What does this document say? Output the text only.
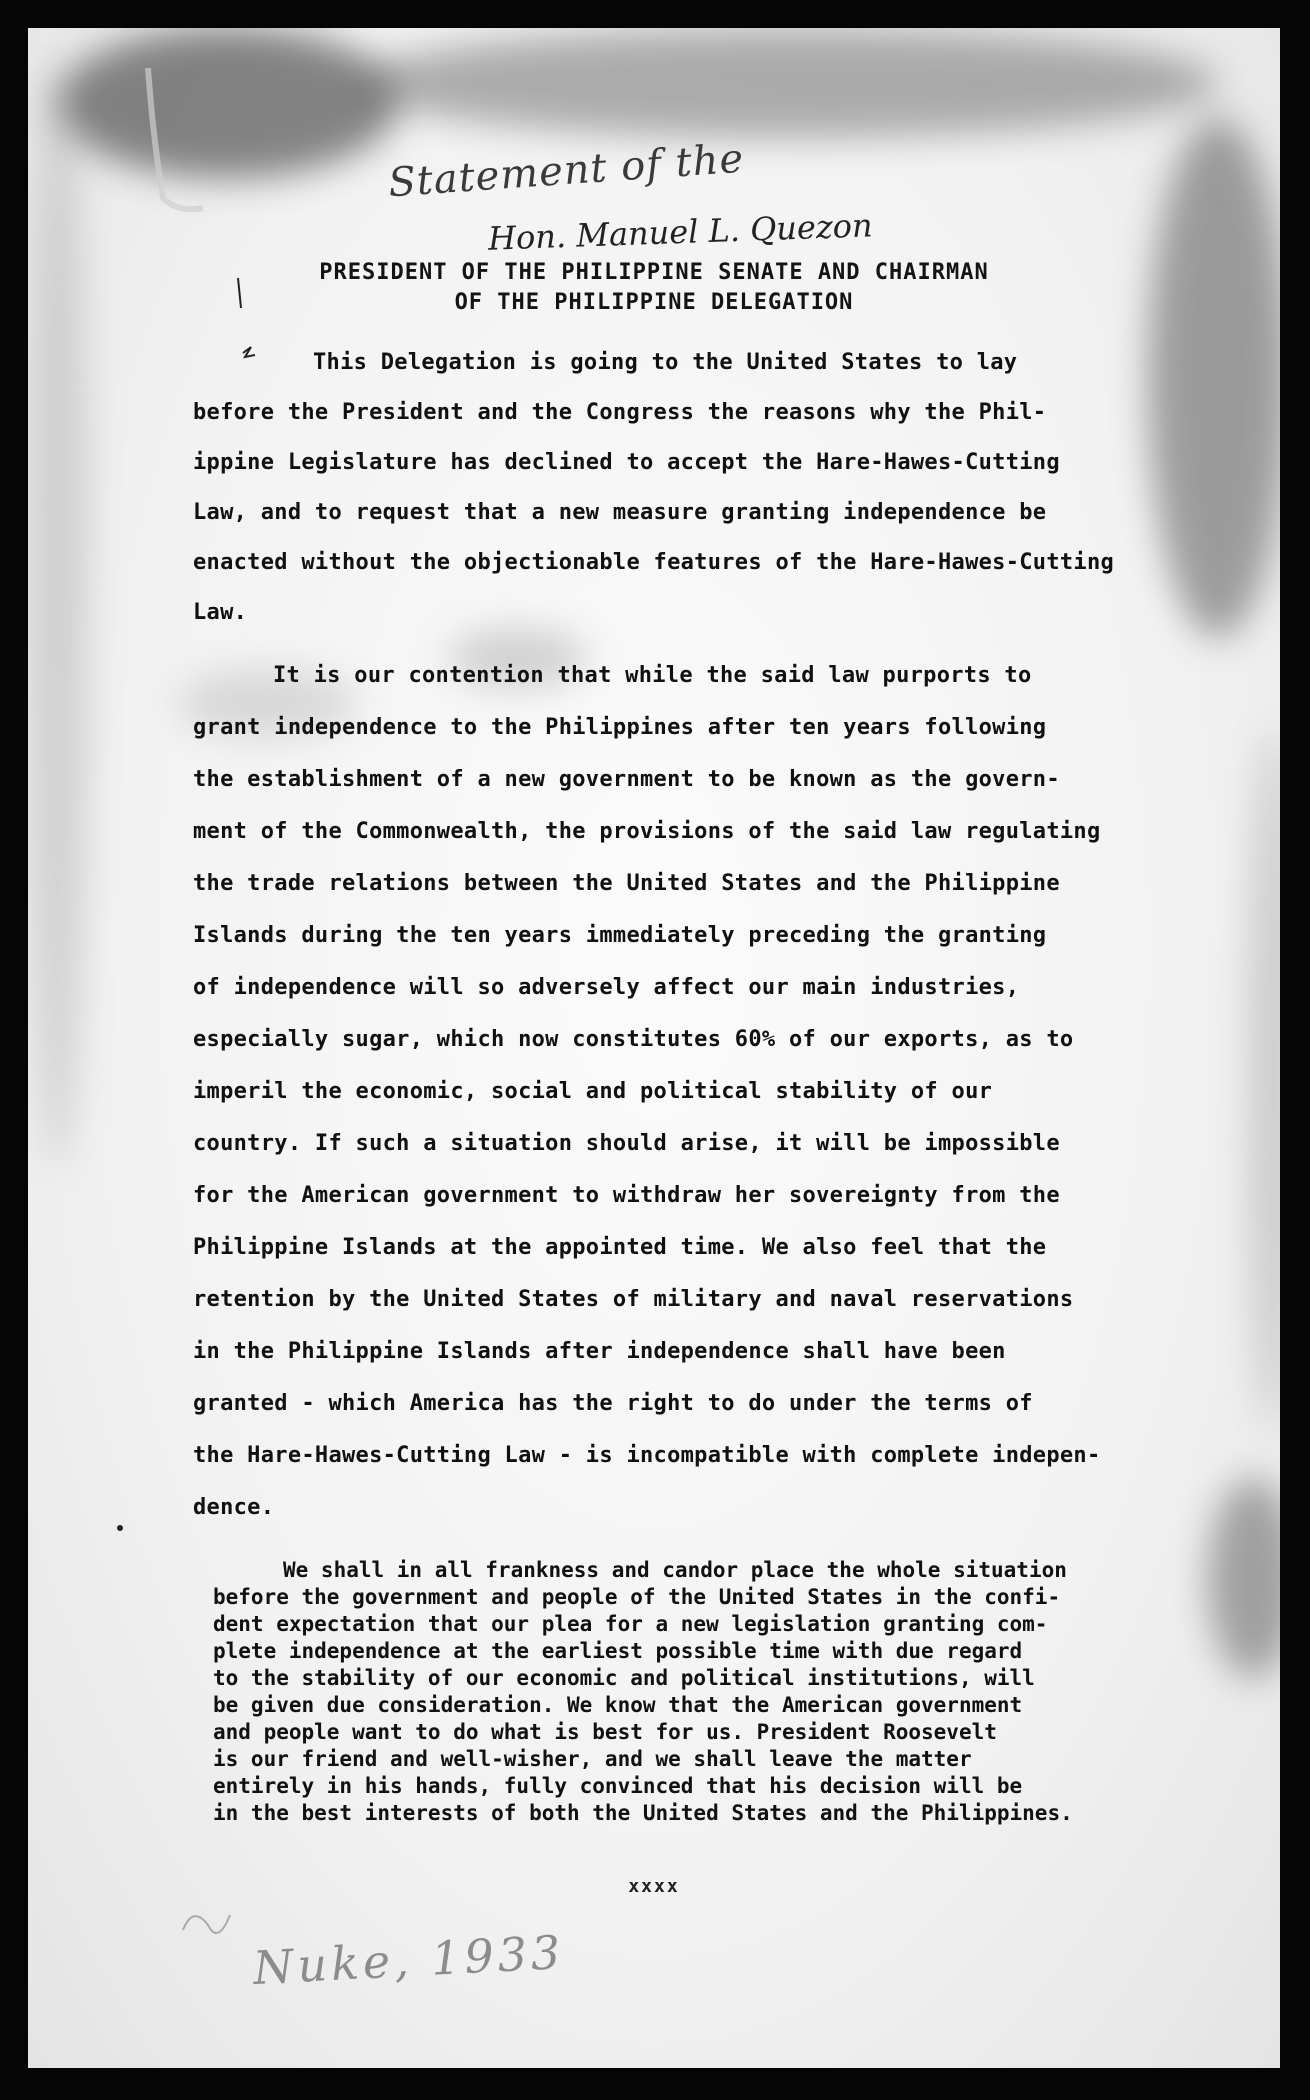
Statement of the
Hon. Manuel L. Quezon
PRESIDENT OF THE PHILIPPINE SENATE AND CHAIRMAN
OF THE PHILIPPINE DELEGATION
This Delegation is going to the United States to lay
before the President and the Congress the reasons why the Phil-
ippine Legislature has declined to accept the Hare-Hawes-Cutting
Law, and to request that a new measure granting independence be
enacted without the objectionable features of the Hare-Hawes-Cutting
Law.
It is our contention that while the said law purports to
grant independence to the Philippines after ten years following
the establishment of a new government to be known as the govern-
ment of the Commonwealth, the provisions of the said law regulating
the trade relations between the United States and the Philippine
Islands during the ten years immediately preceding the granting
of independence will so adversely affect our main industries,
especially sugar, which now constitutes 60% of our exports, as to
imperil the economic, social and political stability of our
country. If such a situation should arise, it will be impossible
for the American government to withdraw her sovereignty from the
Philippine Islands at the appointed time. We also feel that the
retention by the United States of military and naval reservations
in the Philippine Islands after independence shall have been
granted - which America has the right to do under the terms of
the Hare-Hawes-Cutting Law - is incompatible with complete indepen-
dence.
We shall in all frankness and candor place the whole situation
before the government and people of the United States in the confi-
dent expectation that our plea for a new legislation granting com-
plete independence at the earliest possible time with due regard
to the stability of our economic and political institutions, will
be given due consideration. We know that the American government
and people want to do what is best for us. President Roosevelt
is our friend and well-wisher, and we shall leave the matter
entirely in his hands, fully convinced that his decision will be
in the best interests of both the United States and the Philippines.
xxxx
Nuke, 1933
